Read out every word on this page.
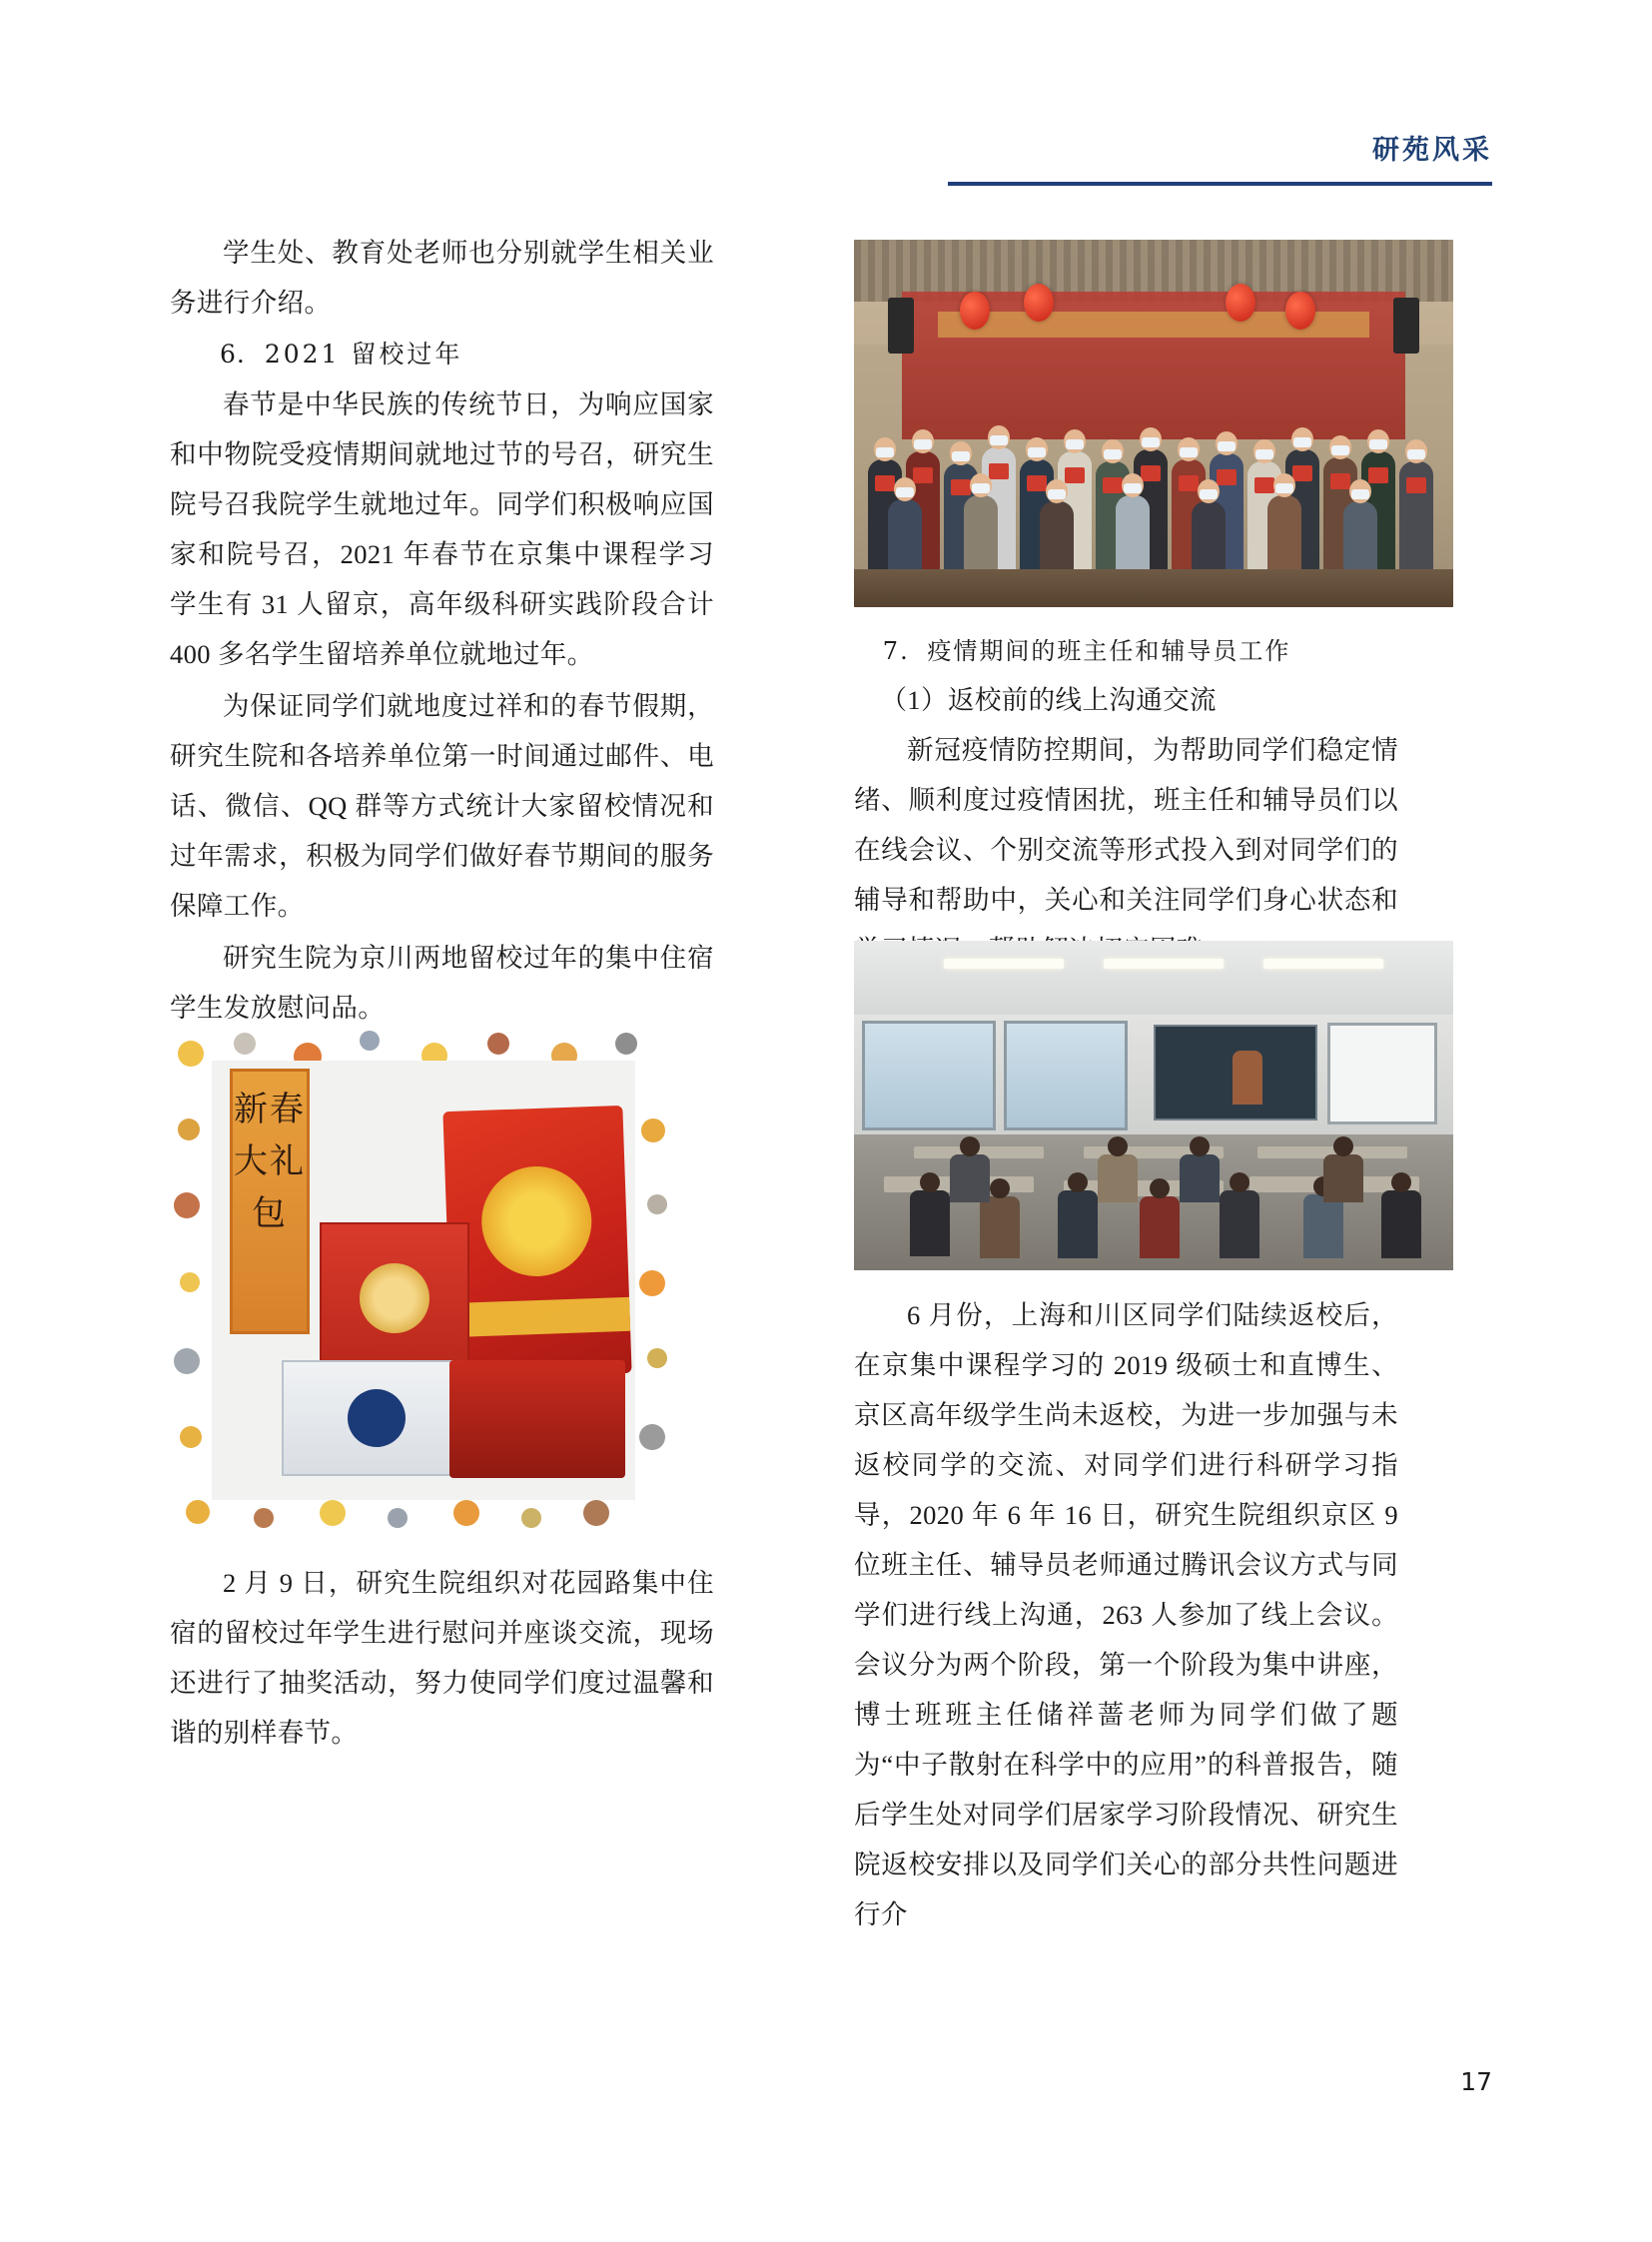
研苑风采

学生处、教育处老师也分别就学生相关业务进行介绍。

6. 2021 留校过年

春节是中华民族的传统节日，为响应国家和中物院受疫情期间就地过节的号召，研究生院号召我院学生就地过年。同学们积极响应国家和院号召，2021 年春节在京集中课程学习学生有 31 人留京，高年级科研实践阶段合计 400 多名学生留培养单位就地过年。

为保证同学们就地度过祥和的春节假期，研究生院和各培养单位第一时间通过邮件、电话、微信、QQ 群等方式统计大家留校情况和过年需求，积极为同学们做好春节期间的服务保障工作。

研究生院为京川两地留校过年的集中住宿学生发放慰问品。

新春大礼包

2 月 9 日，研究生院组织对花园路集中住宿的留校过年学生进行慰问并座谈交流，现场还进行了抽奖活动，努力使同学们度过温馨和谐的别样春节。

7. 疫情期间的班主任和辅导员工作

（1）返校前的线上沟通交流

新冠疫情防控期间，为帮助同学们稳定情绪、顺利度过疫情困扰，班主任和辅导员们以在线会议、个别交流等形式投入到对同学们的辅导和帮助中，关心和关注同学们身心状态和

6 月份，上海和川区同学们陆续返校后，在京集中课程学习的 2019 级硕士和直博生、京区高年级学生尚未返校，为进一步加强与未返校同学的交流、对同学们进行科研学习指导，2020 年 6 年 16 日，研究生院组织京区 9 位班主任、辅导员老师通过腾讯会议方式与同学们进行线上沟通，263 人参加了线上会议。会议分为两个阶段，第一个阶段为集中讲座，博士班班主任储祥蔷老师为同学们做了题为“中子散射在科学中的应用”的科普报告，随后学生处对同学们居家学习阶段情况、研究生院返校安排以及同学们关心的部分共性问题进行介

17
